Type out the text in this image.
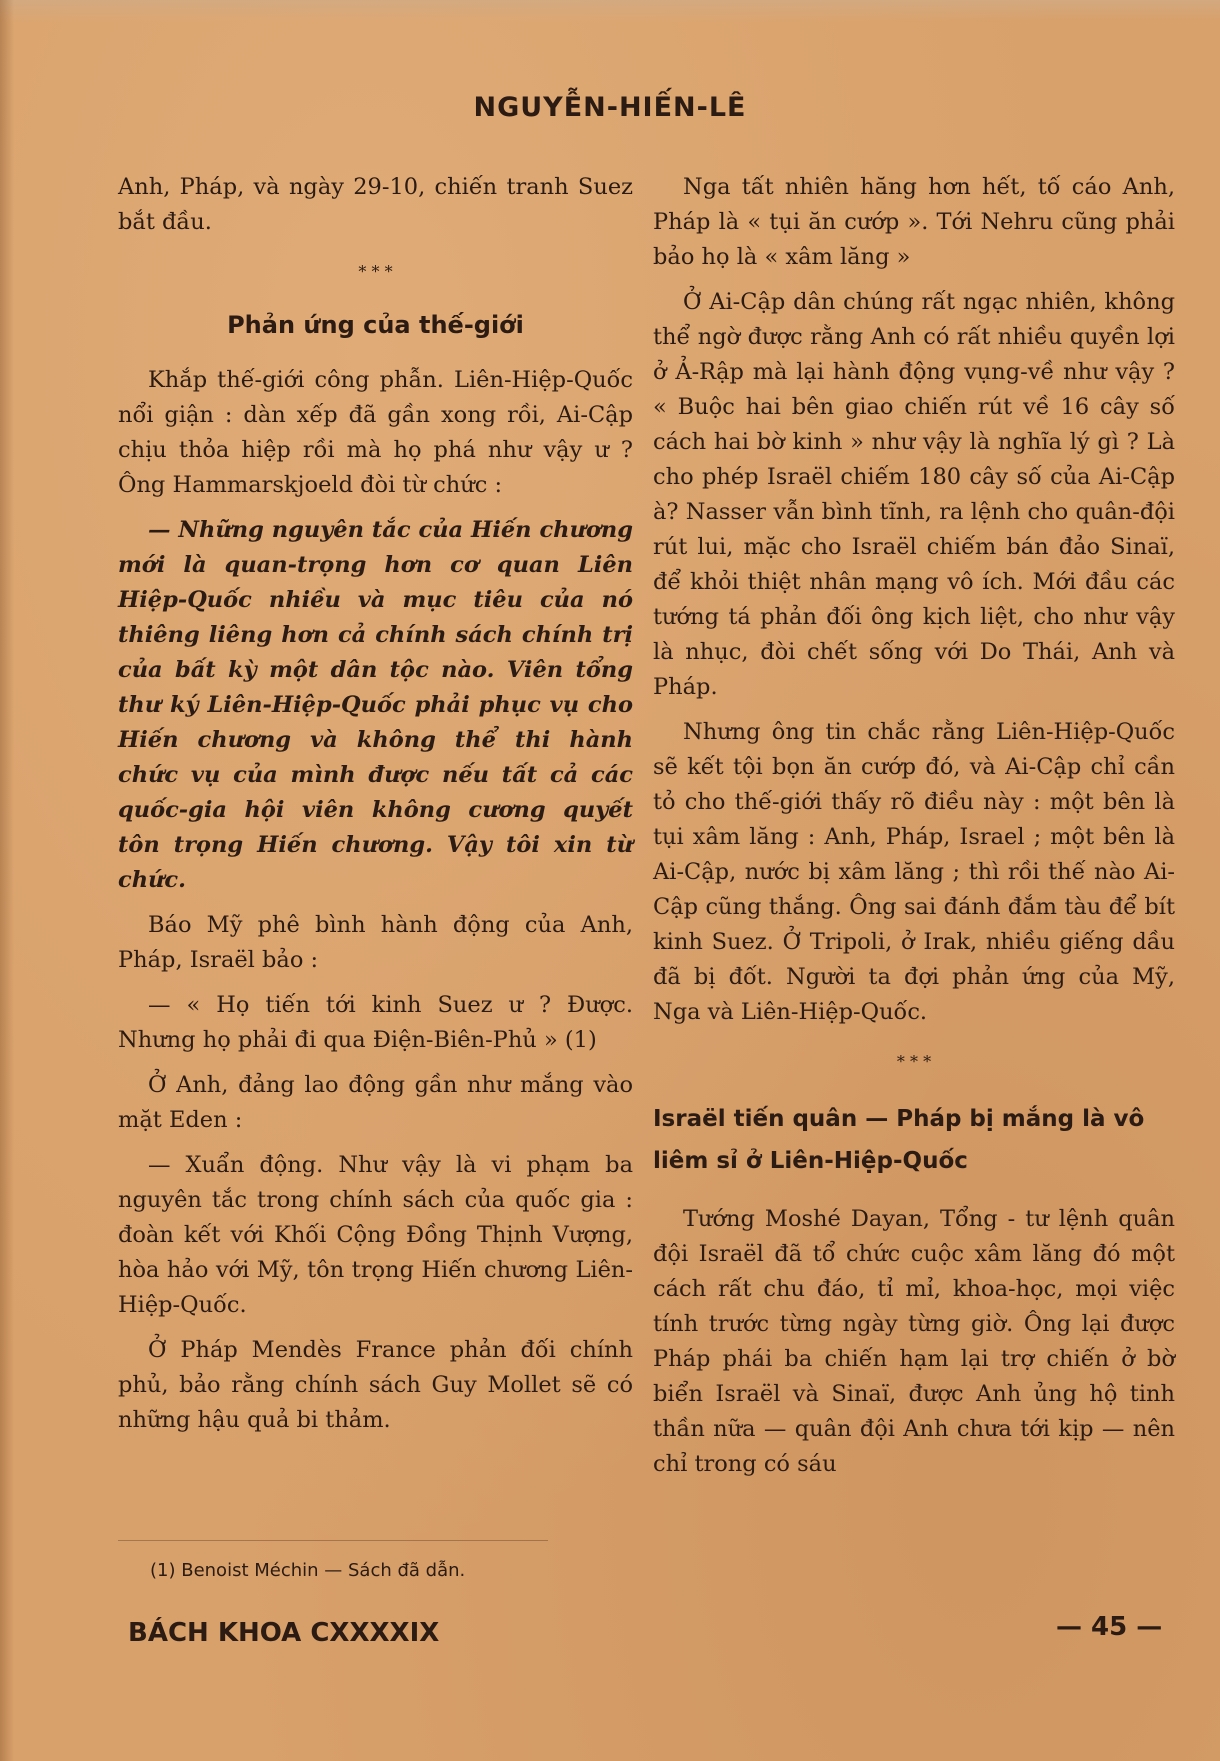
NGUYỄN-HIẾN-LÊ

Anh, Pháp, và ngày 29-10, chiến tranh Suez bắt đầu.

* * *
Phản ứng của thế-giới

Khắp thế-giới công phẫn. Liên-Hiệp-Quốc nổi giận : dàn xếp đã gần xong rồi, Ai-Cập chịu thỏa hiệp rồi mà họ phá như vậy ư ? Ông Hammarskjoeld đòi từ chức :

— Những nguyên tắc của Hiến chương mới là quan-trọng hơn cơ quan Liên Hiệp-Quốc nhiều và mục tiêu của nó thiêng liêng hơn cả chính sách chính trị của bất kỳ một dân tộc nào. Viên tổng thư ký Liên-Hiệp-Quốc phải phục vụ cho Hiến chương và không thể thi hành chức vụ của mình được nếu tất cả các quốc-gia hội viên không cương quyết tôn trọng Hiến chương. Vậy tôi xin từ chức.

Báo Mỹ phê bình hành động của Anh, Pháp, Israël bảo :

— « Họ tiến tới kinh Suez ư ? Được. Nhưng họ phải đi qua Điện-Biên-Phủ » (1)

Ở Anh, đảng lao động gần như mắng vào mặt Eden :

— Xuẩn động. Như vậy là vi phạm ba nguyên tắc trong chính sách của quốc gia : đoàn kết với Khối Cộng Đồng Thịnh Vượng, hòa hảo với Mỹ, tôn trọng Hiến chương Liên-Hiệp-Quốc.

Ở Pháp Mendès France phản đối chính phủ, bảo rằng chính sách Guy Mollet sẽ có những hậu quả bi thảm.

Nga tất nhiên hăng hơn hết, tố cáo Anh, Pháp là « tụi ăn cướp ». Tới Nehru cũng phải bảo họ là « xâm lăng »

Ở Ai-Cập dân chúng rất ngạc nhiên, không thể ngờ được rằng Anh có rất nhiều quyền lợi ở Ả-Rập mà lại hành động vụng-về như vậy ? « Buộc hai bên giao chiến rút về 16 cây số cách hai bờ kinh » như vậy là nghĩa lý gì ? Là cho phép Israël chiếm 180 cây số của Ai-Cập à? Nasser vẫn bình tĩnh, ra lệnh cho quân-đội rút lui, mặc cho Israël chiếm bán đảo Sinaï, để khỏi thiệt nhân mạng vô ích. Mới đầu các tướng tá phản đối ông kịch liệt, cho như vậy là nhục, đòi chết sống với Do Thái, Anh và Pháp.

Nhưng ông tin chắc rằng Liên-Hiệp-Quốc sẽ kết tội bọn ăn cướp đó, và Ai-Cập chỉ cần tỏ cho thế-giới thấy rõ điều này : một bên là tụi xâm lăng : Anh, Pháp, Israel ; một bên là Ai-Cập, nước bị xâm lăng ; thì rồi thế nào Ai-Cập cũng thắng. Ông sai đánh đắm tàu để bít kinh Suez. Ở Tripoli, ở Irak, nhiều giếng dầu đã bị đốt. Người ta đợi phản ứng của Mỹ, Nga và Liên-Hiệp-Quốc.

* * *
Israël tiến quân — Pháp bị mắng là vô liêm sỉ ở Liên-Hiệp-Quốc

Tướng Moshé Dayan, Tổng - tư lệnh quân đội Israël đã tổ chức cuộc xâm lăng đó một cách rất chu đáo, tỉ mỉ, khoa-học, mọi việc tính trước từng ngày từng giờ. Ông lại được Pháp phái ba chiến hạm lại trợ chiến ở bờ biển Israël và Sinaï, được Anh ủng hộ tinh thần nữa — quân đội Anh chưa tới kịp — nên chỉ trong có sáu

(1) Benoist Méchin — Sách đã dẫn.
BÁCH KHOA CXXXXIX	— 45 —
